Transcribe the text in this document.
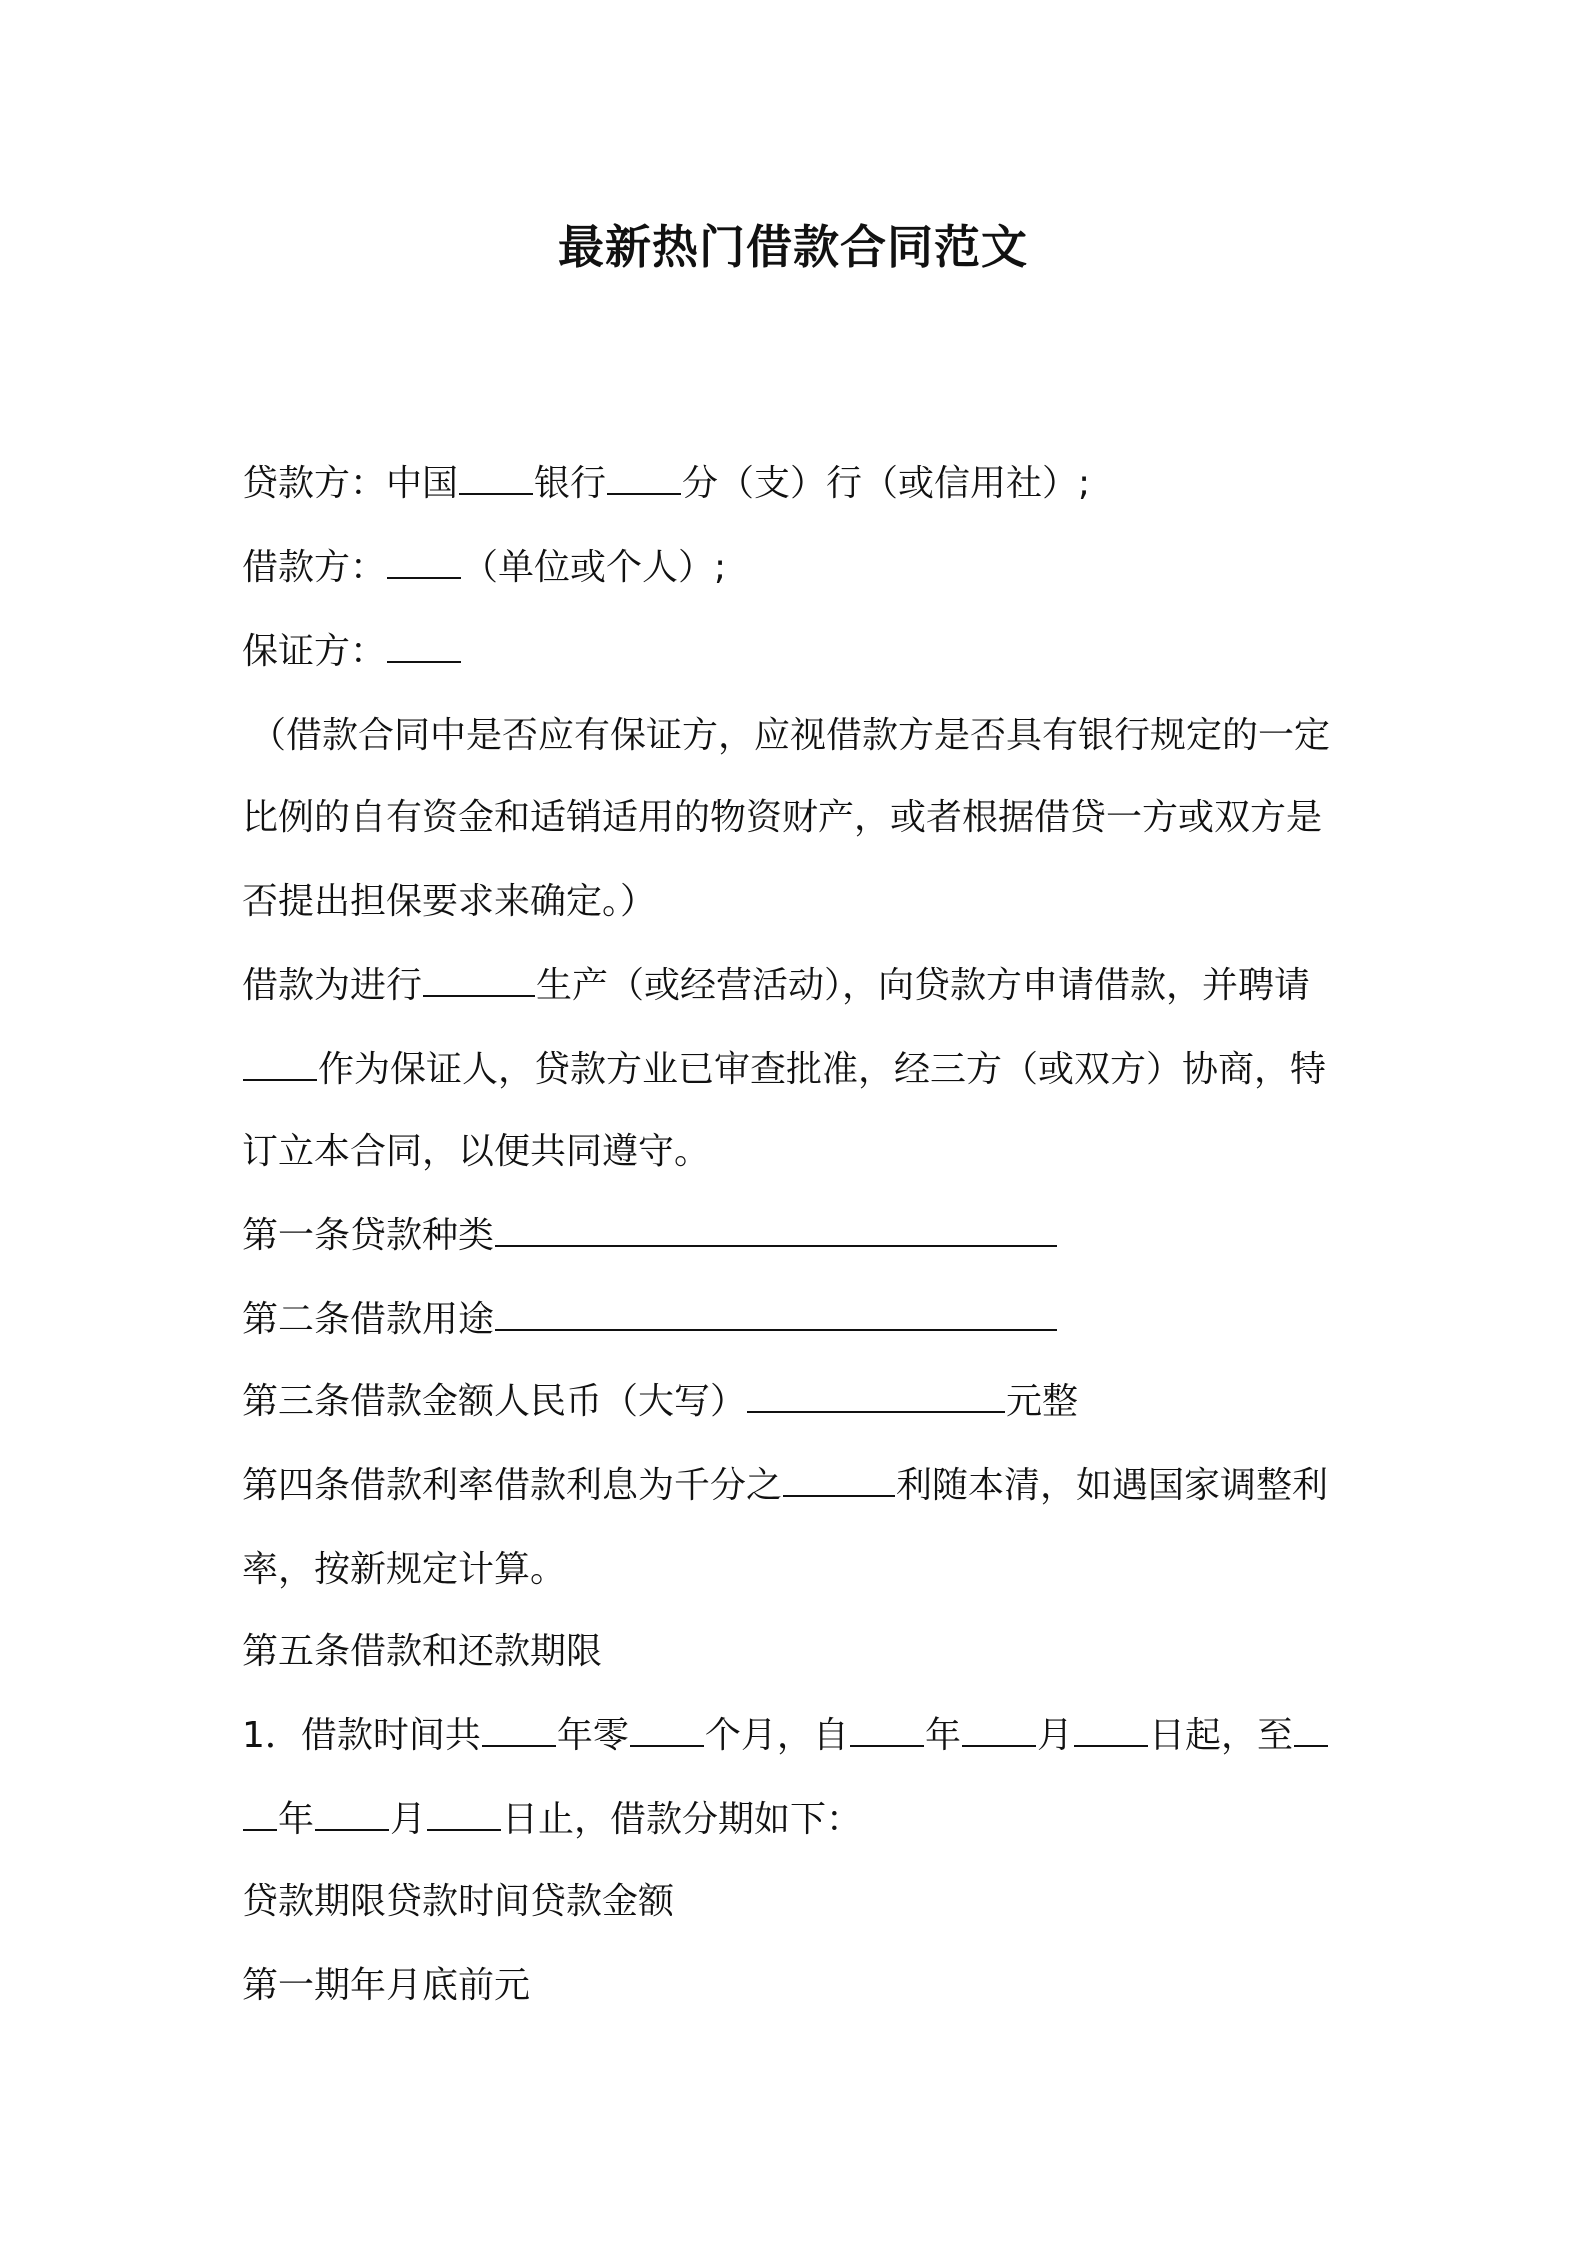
最新热门借款合同范文
贷款方：中国 银行 分（支）行（或信用社）;
借款方： （单位或个人）;
保证方：
（借款合同中是否应有保证方，应视借款方是否具有银行规定的一定
比例的自有资金和适销适用的物资财产，或者根据借贷一方或双方是
否提出担保要求来确定。）
借款为进行	生产（或经营活动），向贷款方申请借款，并聘请
作为保证人，贷款方业已审查批准，经三方（或双方）协商，特
订立本合同，以便共同遵守。
第一条贷款种类
第二条借款用途
第三条借款金额人民币（大写）	元整
第四条借款利率借款利息为千分之	利随本清，如遇国家调整利
率，按新规定计算。
第五条借款和还款期限
1．借款时间共 年零 个月，自 年 月 日起，至
年 月 日止，借款分期如下：
贷款期限贷款时间贷款金额
第一期年月底前元
